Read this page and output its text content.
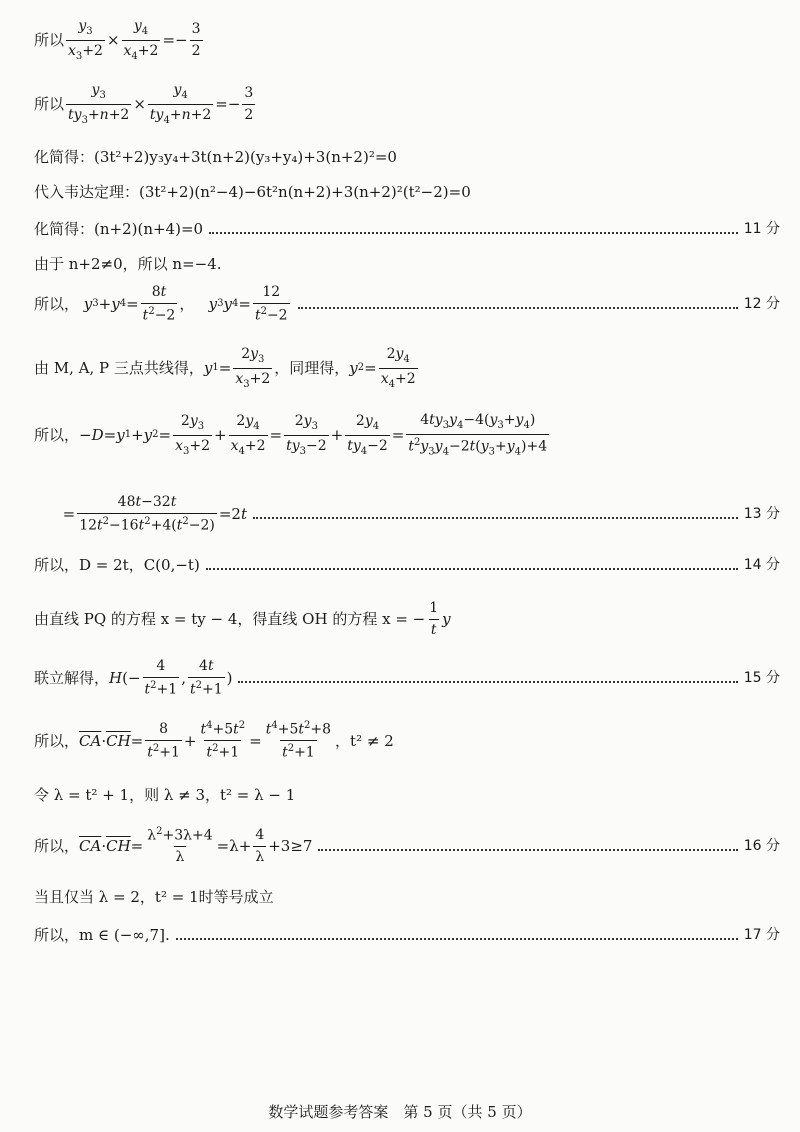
所以 $\frac{y_3}{x_3+2} \times \frac{y_4}{x_4+2} =- \frac{3}{2}$
所以 $\frac{y_3}{ty_3+n+2} \times \frac{y_4}{ty_4+n+2} =- \frac{3}{2}$
化简得：(3t²+2)y₃y₄+3t(n+2)(y₃+y₄)+3(n+2)²=0
代入韦达定理：(3t²+2)(n²−4)−6t²n(n+2)+3(n+2)²(t²−2)=0
化简得：(n+2)(n+4)=0	11 分
由于 n+2≠0，所以 n=−4.
所以，
y 3 + y $4 = \frac{8t}{t^2-2}$ ， y 3 y $4 = \frac{12}{t^2-2}$	12 分
由 M, A, P 三点共线得， y $1 = \frac{2y_3}{x_3+2}$ ，同理得， y $2 = \frac{2y_4}{x_4+2}$
所以， − D = y 1 + y $2 = \frac{2y_3}{x_3+2} + \frac{2y_4}{x_4+2} = \frac{2y_3}{ty_3-2} + \frac{2y_4}{ty_4-2} = \frac{4ty_3y_4-4(y_3+y_4)}{t^2y_3y_4-2t(y_3+y_4)+4}$
= $\frac{48t-32t}{12t^2-16t^2+4(t^2-2)} =2$ t	13 分
所以，D = 2t，C(0,−t)	14 分
由直线 PQ 的方程 x = ty − 4，得直线 OH 的方程 x = − $\frac{1}{t}$ y
联立解得， H (− $\frac{4}{t^2+1}$ , $\frac{4t}{t^2+1}$ )	15 分
所以， $\overline{CA} \cdot \overline{CH} = \frac{8}{t^2+1} + \frac{t^4+5t^2}{t^2+1} = \frac{t^4+5t^2+8}{t^2+1}$ ，t² ≠ 2
令 λ = t² + 1，则 λ ≠ 3，t² = λ − 1
所以， $\overline{CA} \cdot \overline{CH} = \frac{\lambda^2+3\lambda+4}{\lambda} =\lambda+ \frac{4}{\lambda} +3\ge 7$	16 分
当且仅当 λ = 2，t² = 1时等号成立
所以，m ∈ (−∞,7].	17 分
数学试题参考答案　第 5 页（共 5 页）
